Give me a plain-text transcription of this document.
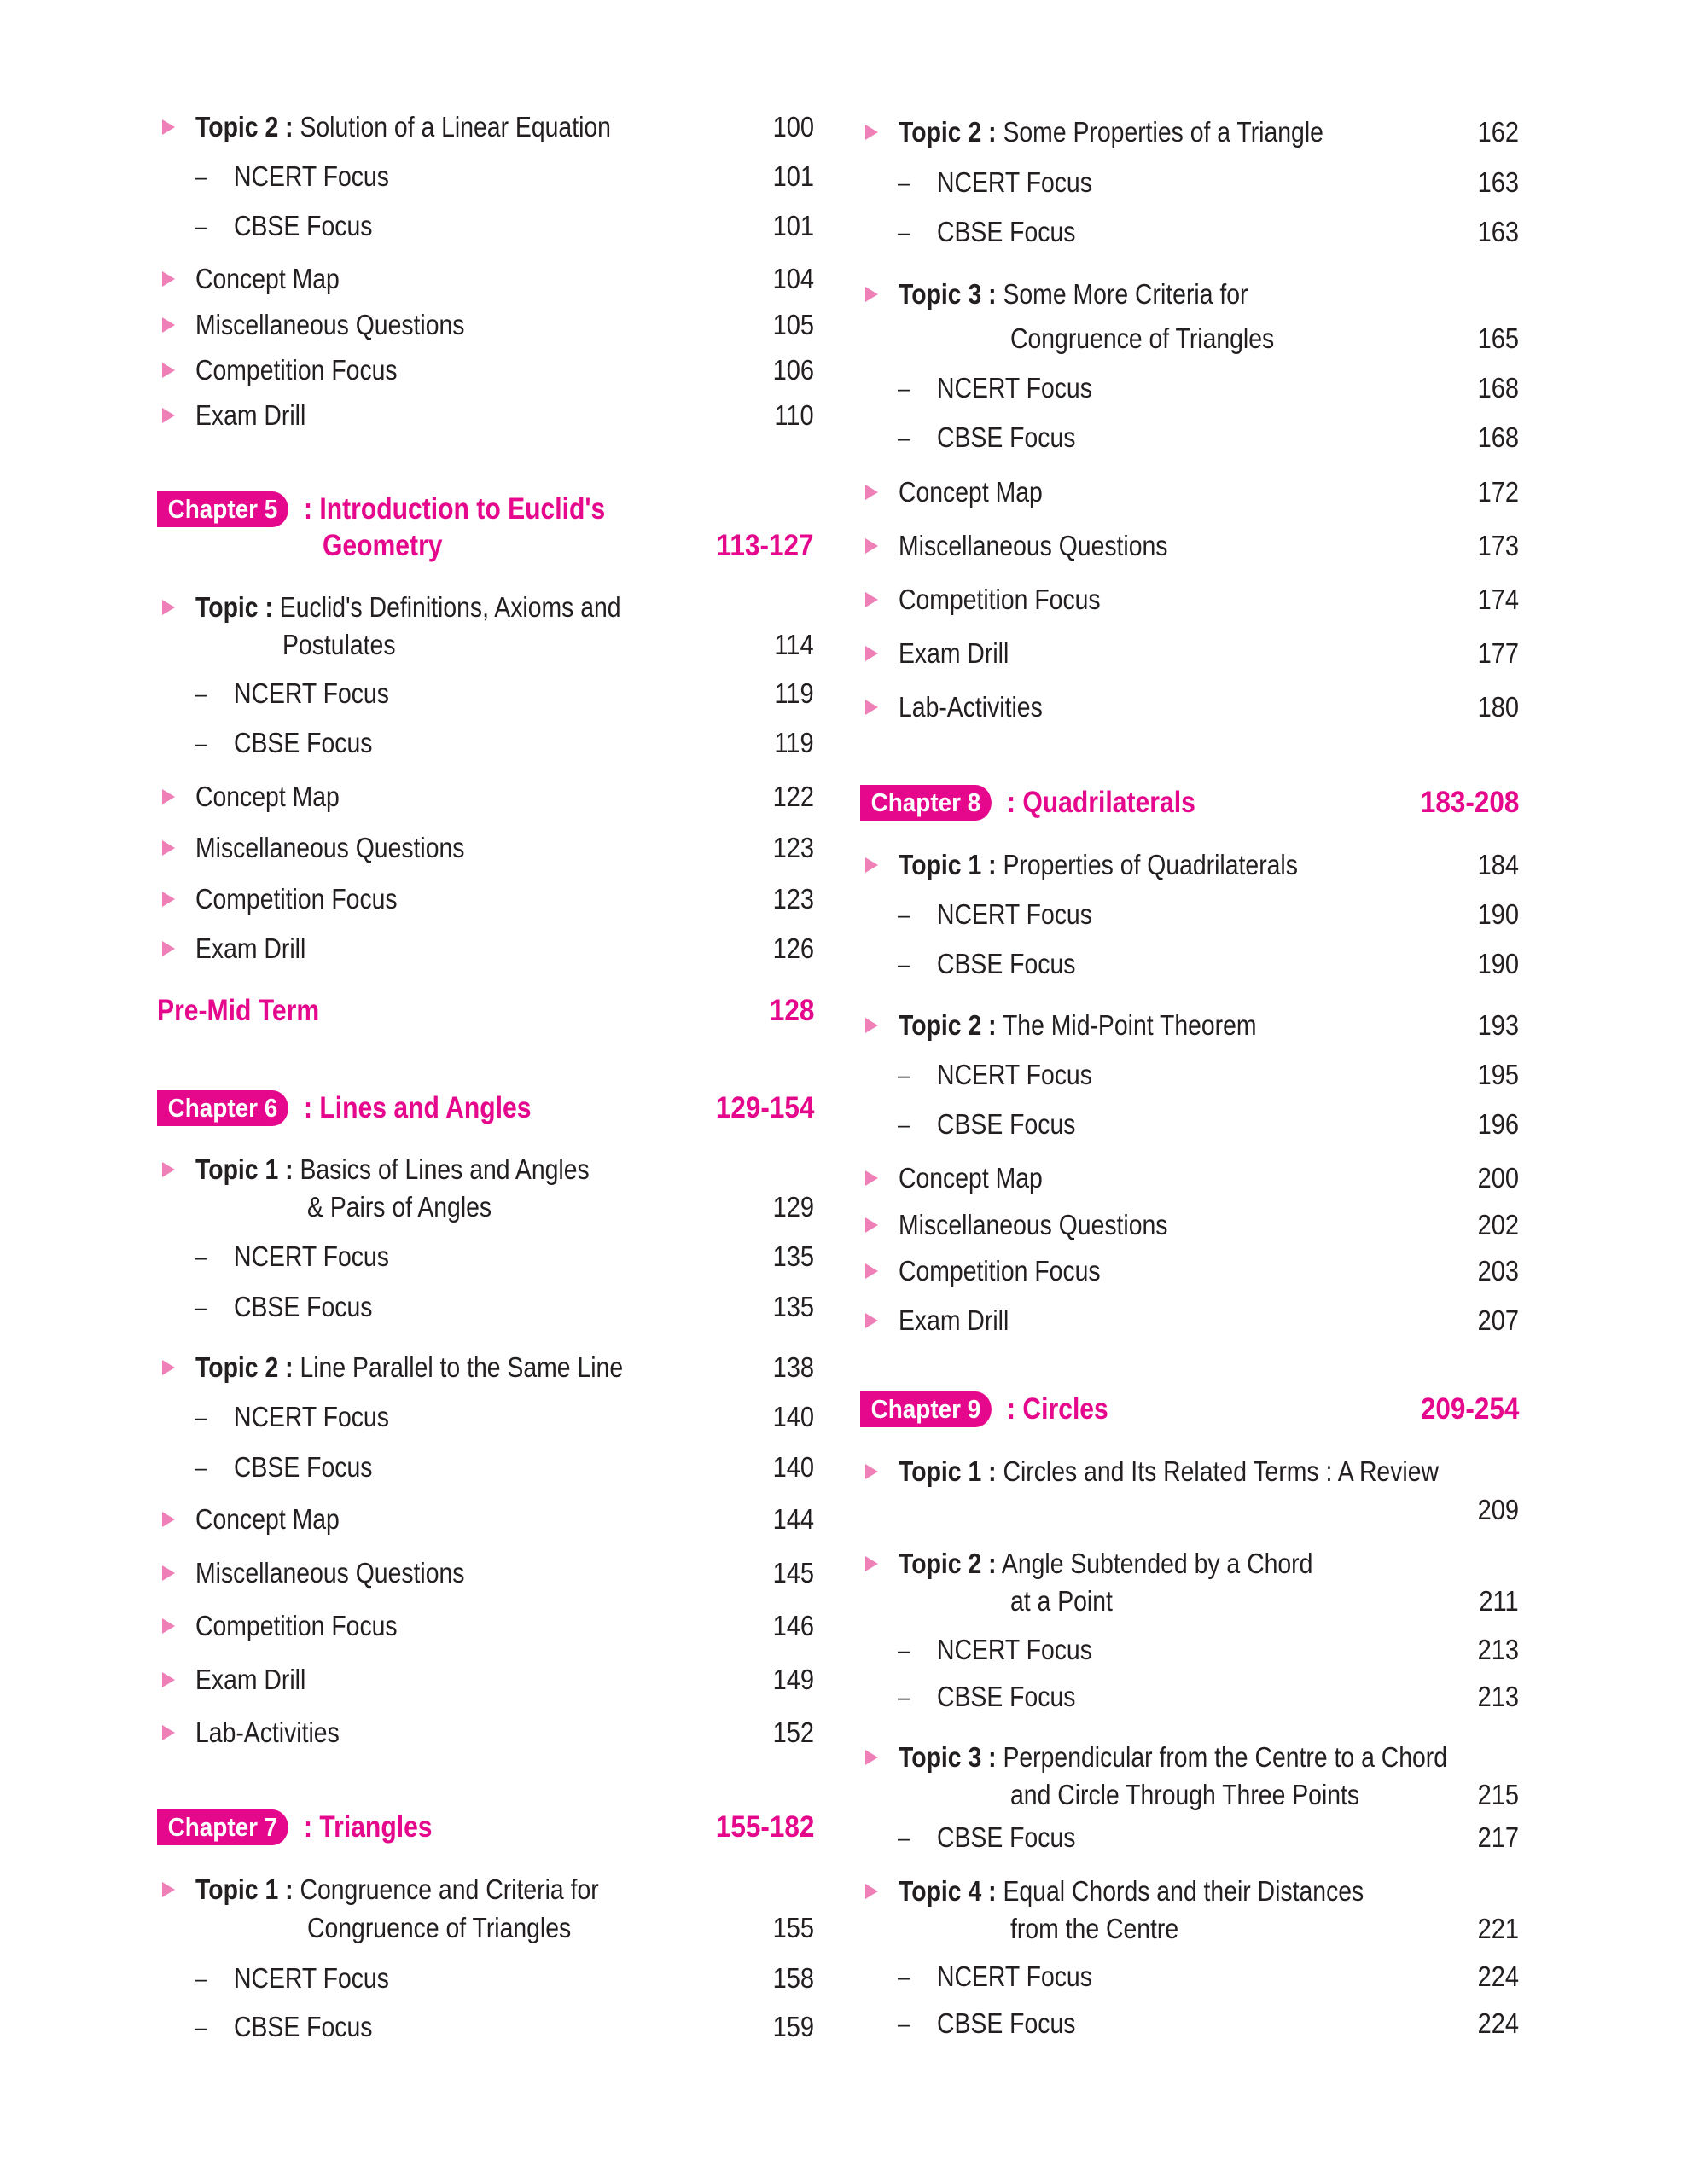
Topic 2 : Solution of a Linear Equation	100
– NCERT Focus	101
– CBSE Focus	101
Concept Map	104
Miscellaneous Questions	105
Competition Focus	106
Exam Drill	110
Chapter 5 : Introduction to Euclid's
Geometry	113-127
Topic : Euclid's Definitions, Axioms and
Postulates	114
– NCERT Focus	119
– CBSE Focus	119
Concept Map	122
Miscellaneous Questions	123
Competition Focus	123
Exam Drill	126
Pre-Mid Term	128
Chapter 6 : Lines and Angles	129-154
Topic 1 : Basics of Lines and Angles
& Pairs of Angles	129
– NCERT Focus	135
– CBSE Focus	135
Topic 2 : Line Parallel to the Same Line	138
– NCERT Focus	140
– CBSE Focus	140
Concept Map	144
Miscellaneous Questions	145
Competition Focus	146
Exam Drill	149
Lab-Activities	152
Chapter 7 : Triangles	155-182
Topic 1 : Congruence and Criteria for
Congruence of Triangles	155
– NCERT Focus	158
– CBSE Focus	159
Topic 2 : Some Properties of a Triangle	162
– NCERT Focus	163
– CBSE Focus	163
Topic 3 : Some More Criteria for
Congruence of Triangles	165
– NCERT Focus	168
– CBSE Focus	168
Concept Map	172
Miscellaneous Questions	173
Competition Focus	174
Exam Drill	177
Lab-Activities	180
Chapter 8 : Quadrilaterals	183-208
Topic 1 : Properties of Quadrilaterals	184
– NCERT Focus	190
– CBSE Focus	190
Topic 2 : The Mid-Point Theorem	193
– NCERT Focus	195
– CBSE Focus	196
Concept Map	200
Miscellaneous Questions	202
Competition Focus	203
Exam Drill	207
Chapter 9 : Circles	209-254
Topic 1 : Circles and Its Related Terms : A Review
209
Topic 2 : Angle Subtended by a Chord
at a Point	211
– NCERT Focus	213
– CBSE Focus	213
Topic 3 : Perpendicular from the Centre to a Chord
and Circle Through Three Points	215
– CBSE Focus	217
Topic 4 : Equal Chords and their Distances
from the Centre	221
– NCERT Focus	224
– CBSE Focus	224
